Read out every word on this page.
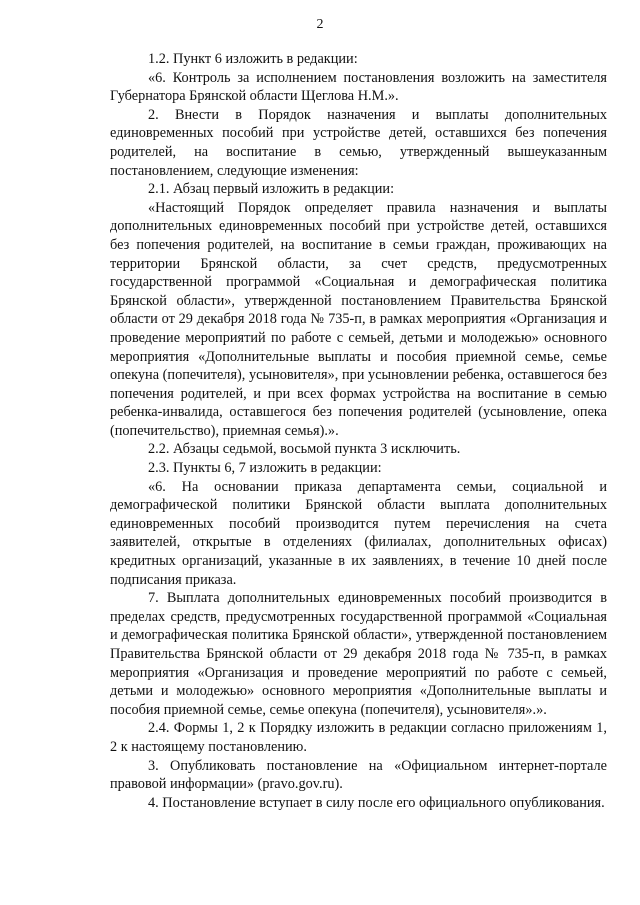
2

1.2. Пункт 6 изложить в редакции:

«6. Контроль за исполнением постановления возложить на заместителя Губернатора Брянской области Щеглова Н.М.».

2. Внести в Порядок назначения и выплаты дополнительных единовременных пособий при устройстве детей, оставшихся без попечения родителей, на воспитание в семью, утвержденный вышеуказанным постановлением, следующие изменения:

2.1. Абзац первый изложить в редакции:

«Настоящий Порядок определяет правила назначения и выплаты дополнительных единовременных пособий при устройстве детей, оставшихся без попечения родителей, на воспитание в семьи граждан, проживающих на территории Брянской области, за счет средств, предусмотренных государственной программой «Социальная и демографическая политика Брянской области», утвержденной постановлением Правительства Брянской области от 29 декабря 2018 года № 735-п, в рамках мероприятия «Организация и проведение мероприятий по работе с семьей, детьми и молодежью» основного мероприятия «Дополнительные выплаты и пособия приемной семье, семье опекуна (попечителя), усыновителя», при усыновлении ребенка, оставшегося без попечения родителей, и при всех формах устройства на воспитание в семью ребенка-инвалида, оставшегося без попечения родителей (усыновление, опека (попечительство), приемная семья).».

2.2. Абзацы седьмой, восьмой пункта 3 исключить.

2.3. Пункты 6, 7 изложить в редакции:

«6. На основании приказа департамента семьи, социальной и демографической политики Брянской области выплата дополнительных единовременных пособий производится путем перечисления на счета заявителей, открытые в отделениях (филиалах, дополнительных офисах) кредитных организаций, указанные в их заявлениях, в течение 10 дней после подписания приказа.

7. Выплата дополнительных единовременных пособий производится в пределах средств, предусмотренных государственной программой «Социальная и демографическая политика Брянской области», утвержденной постановлением Правительства Брянской области от 29 декабря 2018 года № 735-п, в рамках мероприятия «Организация и проведение мероприятий по работе с семьей, детьми и молодежью» основного мероприятия «Дополнительные выплаты и пособия приемной семье, семье опекуна (попечителя), усыновителя».».

2.4. Формы 1, 2 к Порядку изложить в редакции согласно приложениям 1, 2 к настоящему постановлению.

3. Опубликовать постановление на «Официальном интернет-портале правовой информации» (pravo.gov.ru).

4. Постановление вступает в силу после его официального опубликования.
